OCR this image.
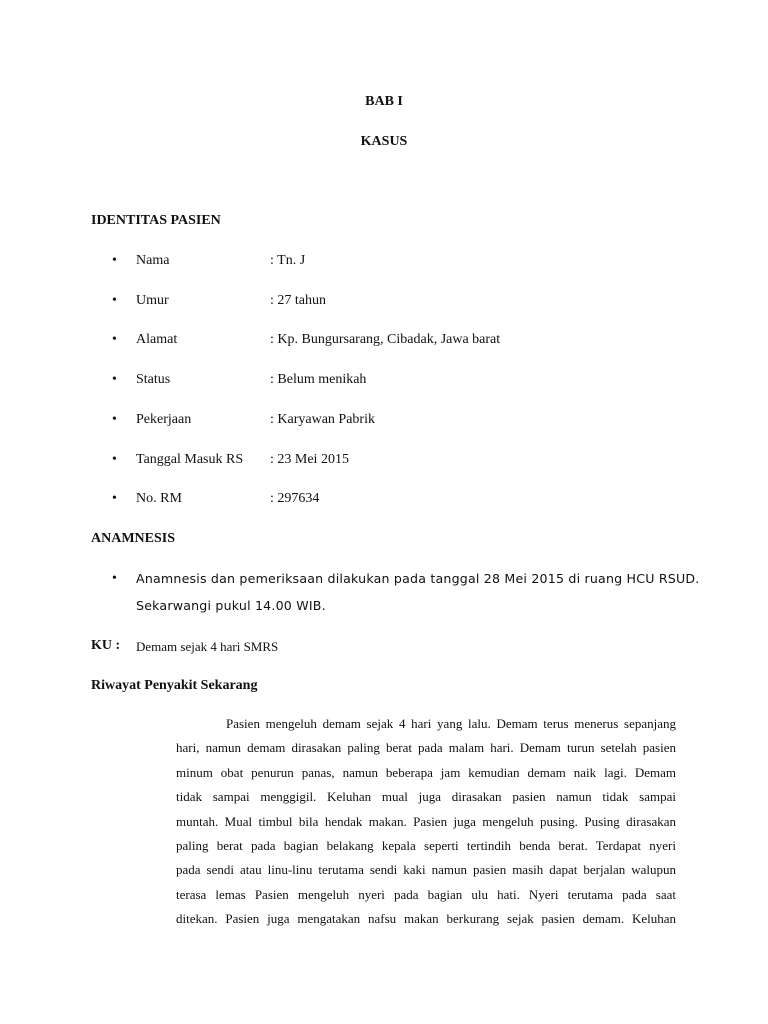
BAB I
KASUS
IDENTITAS PASIEN
• Nama	: Tn. J
• Umur	: 27 tahun
• Alamat	: Kp. Bungursarang, Cibadak, Jawa barat
• Status	: Belum menikah
• Pekerjaan	: Karyawan Pabrik
• Tanggal Masuk RS : 23 Mei 2015
• No. RM	: 297634
ANAMNESIS
• Anamnesis dan pemeriksaan dilakukan pada tanggal 28 Mei 2015 di ruang HCU RSUD.
Sekarwangi pukul 14.00 WIB.
KU : Demam sejak 4 hari SMRS
Riwayat Penyakit Sekarang
Pasien mengeluh demam sejak 4 hari yang lalu. Demam terus menerus sepanjang
hari, namun demam dirasakan paling berat pada malam hari. Demam turun setelah pasien
minum obat penurun panas, namun beberapa jam kemudian demam naik lagi. Demam
tidak sampai menggigil. Keluhan mual juga dirasakan pasien namun tidak sampai
muntah. Mual timbul bila hendak makan. Pasien juga mengeluh pusing. Pusing dirasakan
paling berat pada bagian belakang kepala seperti tertindih benda berat. Terdapat nyeri
pada sendi atau linu-linu terutama sendi kaki namun pasien masih dapat berjalan walupun
terasa lemas Pasien mengeluh nyeri pada bagian ulu hati. Nyeri terutama pada saat
ditekan. Pasien juga mengatakan nafsu makan berkurang sejak pasien demam. Keluhan
